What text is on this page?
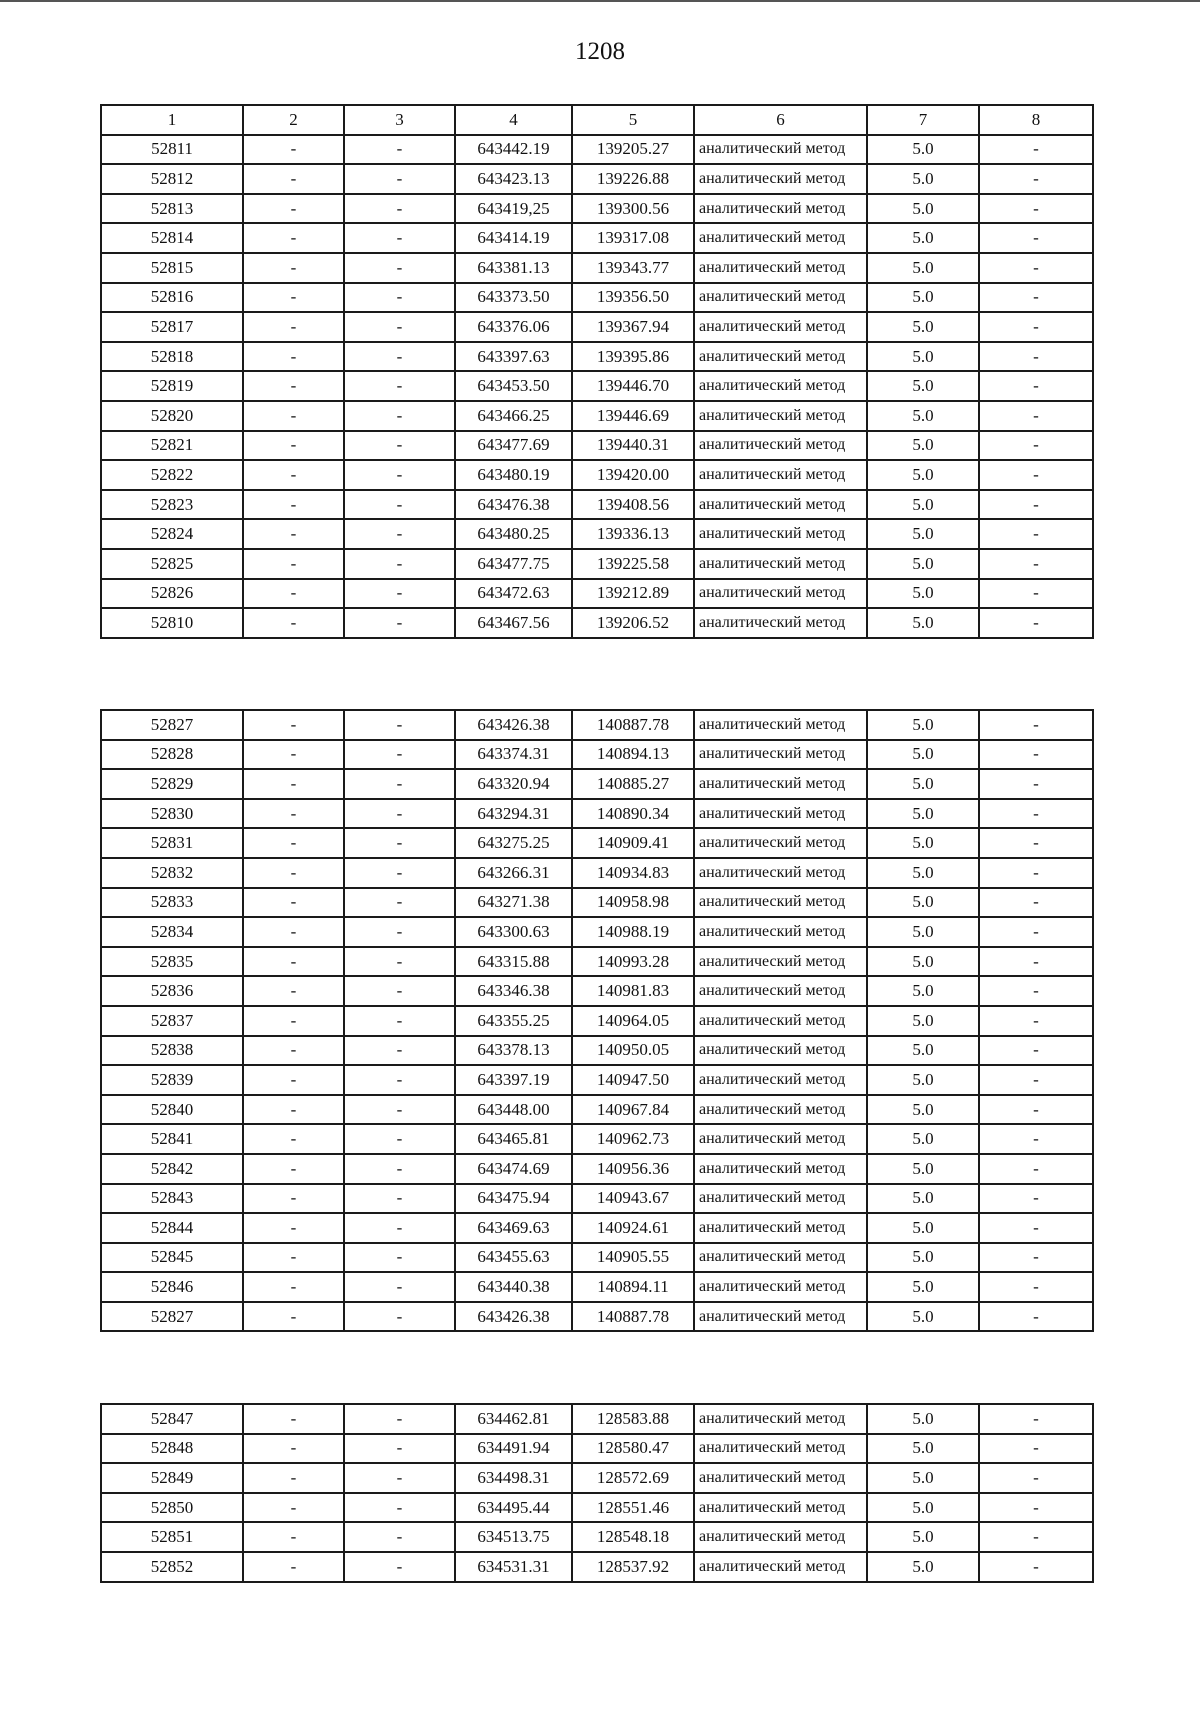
1208
1	2	3	4	5	6	7	8
52811	-	-	643442.19	139205.27	аналитический метод	5.0	-
52812	-	-	643423.13	139226.88	аналитический метод	5.0	-
52813	-	-	643419,25	139300.56	аналитический метод	5.0	-
52814	-	-	643414.19	139317.08	аналитический метод	5.0	-
52815	-	-	643381.13	139343.77	аналитический метод	5.0	-
52816	-	-	643373.50	139356.50	аналитический метод	5.0	-
52817	-	-	643376.06	139367.94	аналитический метод	5.0	-
52818	-	-	643397.63	139395.86	аналитический метод	5.0	-
52819	-	-	643453.50	139446.70	аналитический метод	5.0	-
52820	-	-	643466.25	139446.69	аналитический метод	5.0	-
52821	-	-	643477.69	139440.31	аналитический метод	5.0	-
52822	-	-	643480.19	139420.00	аналитический метод	5.0	-
52823	-	-	643476.38	139408.56	аналитический метод	5.0	-
52824	-	-	643480.25	139336.13	аналитический метод	5.0	-
52825	-	-	643477.75	139225.58	аналитический метод	5.0	-
52826	-	-	643472.63	139212.89	аналитический метод	5.0	-
52810	-	-	643467.56	139206.52	аналитический метод	5.0	-
52827	-	-	643426.38	140887.78	аналитический метод	5.0	-
52828	-	-	643374.31	140894.13	аналитический метод	5.0	-
52829	-	-	643320.94	140885.27	аналитический метод	5.0	-
52830	-	-	643294.31	140890.34	аналитический метод	5.0	-
52831	-	-	643275.25	140909.41	аналитический метод	5.0	-
52832	-	-	643266.31	140934.83	аналитический метод	5.0	-
52833	-	-	643271.38	140958.98	аналитический метод	5.0	-
52834	-	-	643300.63	140988.19	аналитический метод	5.0	-
52835	-	-	643315.88	140993.28	аналитический метод	5.0	-
52836	-	-	643346.38	140981.83	аналитический метод	5.0	-
52837	-	-	643355.25	140964.05	аналитический метод	5.0	-
52838	-	-	643378.13	140950.05	аналитический метод	5.0	-
52839	-	-	643397.19	140947.50	аналитический метод	5.0	-
52840	-	-	643448.00	140967.84	аналитический метод	5.0	-
52841	-	-	643465.81	140962.73	аналитический метод	5.0	-
52842	-	-	643474.69	140956.36	аналитический метод	5.0	-
52843	-	-	643475.94	140943.67	аналитический метод	5.0	-
52844	-	-	643469.63	140924.61	аналитический метод	5.0	-
52845	-	-	643455.63	140905.55	аналитический метод	5.0	-
52846	-	-	643440.38	140894.11	аналитический метод	5.0	-
52827	-	-	643426.38	140887.78	аналитический метод	5.0	-
52847	-	-	634462.81	128583.88	аналитический метод	5.0	-
52848	-	-	634491.94	128580.47	аналитический метод	5.0	-
52849	-	-	634498.31	128572.69	аналитический метод	5.0	-
52850	-	-	634495.44	128551.46	аналитический метод	5.0	-
52851	-	-	634513.75	128548.18	аналитический метод	5.0	-
52852	-	-	634531.31	128537.92	аналитический метод	5.0	-
